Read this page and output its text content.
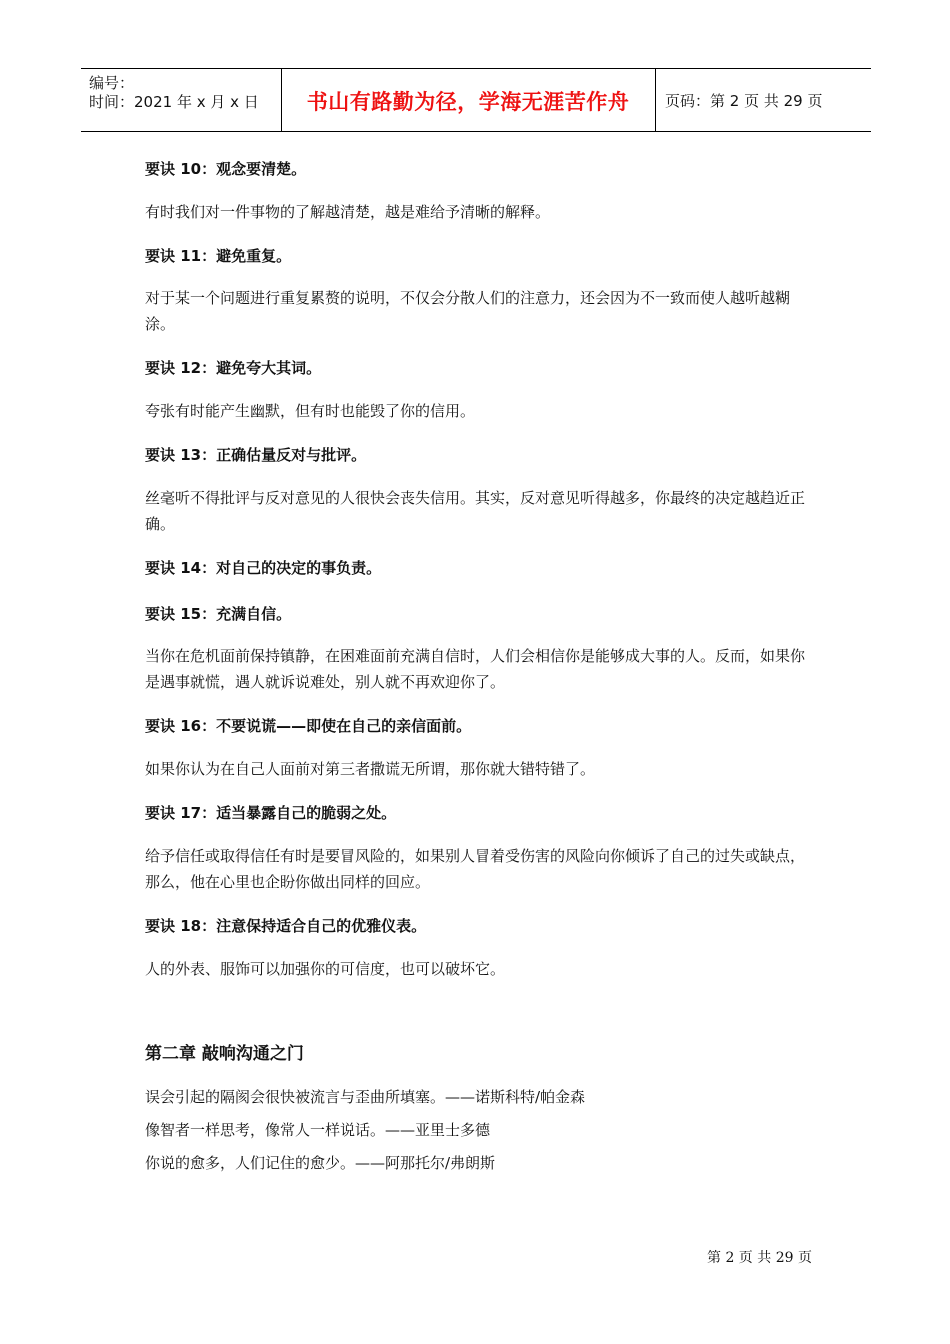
编号：
时间：2021 年 x 月 x 日	书山有路勤为径，学海无涯苦作舟	页码：第 2 页 共 29 页

要诀 10：观念要清楚。

有时我们对一件事物的了解越清楚，越是难给予清晰的解释。

要诀 11：避免重复。

对于某一个问题进行重复累赘的说明，不仅会分散人们的注意力，还会因为不一致而使人越听越糊涂。

要诀 12：避免夸大其词。

夸张有时能产生幽默，但有时也能毁了你的信用。

要诀 13：正确估量反对与批评。

丝毫听不得批评与反对意见的人很快会丧失信用。其实，反对意见听得越多，你最终的决定越趋近正确。

要诀 14：对自己的决定的事负责。

要诀 15：充满自信。

当你在危机面前保持镇静，在困难面前充满自信时，人们会相信你是能够成大事的人。反而，如果你是遇事就慌，遇人就诉说难处，别人就不再欢迎你了。

要诀 16：不要说谎——即使在自己的亲信面前。

如果你认为在自己人面前对第三者撒谎无所谓，那你就大错特错了。

要诀 17：适当暴露自己的脆弱之处。

给予信任或取得信任有时是要冒风险的，如果别人冒着受伤害的风险向你倾诉了自己的过失或缺点，那么，他在心里也企盼你做出同样的回应。

要诀 18：注意保持适合自己的优雅仪表。

人的外表、服饰可以加强你的可信度，也可以破坏它。

第二章 敲响沟通之门

误会引起的隔阂会很快被流言与歪曲所填塞。——诺斯科特/帕金森

像智者一样思考，像常人一样说话。——亚里士多德

你说的愈多，人们记住的愈少。——阿那托尔/弗朗斯

第 2 页 共 29 页
